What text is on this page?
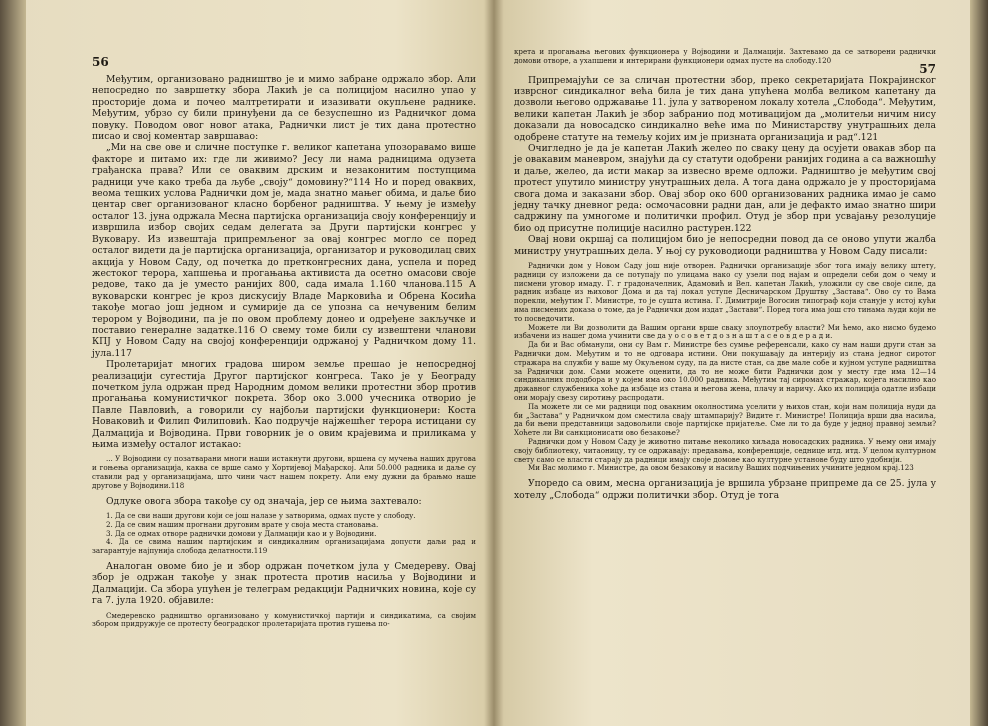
56

Међутим, организовано радништво је и мимо забране одржало збор. Али непосредно по завршетку збора Лакић је са полицијом насилно упао у просторије дома и почео малтретирати и изазивати окупљене раднике. Међутим, убрзо су били принуђени да се безуспешно из Радничког дома повуку. Поводом овог новог атака, Раднички лист је тих дана протестно писао и свој коментар завршавао:

„Ми на све ове и сличне поступке г. великог капетана упозоравамо више факторе и питамо их: где ли живимо? Јесу ли нама радницима одузета грађанска права? Или се оваквим дрским и незаконитим поступцима радници уче како треба да љубе „своју“ домовину?“114 Но и поред оваквих, веома тешких услова Раднички дом је, мада знатно мањег обима, и даље био центар свег организованог класно борбеног радништва. У њему је између осталог 13. јуна одржала Месна партијска организација своју конференцију и извршила избор својих седам делегата за Други партијски конгрес у Вуковару. Из извештаја припремљеног за овај конгрес могло се поред осталог видети да је партијска организација, организатор и руководилац свих акција у Новом Саду, од почетка до претконгресних дана, успела и поред жестоког терора, хапшења и прогањања активиста да осетно омасови своје редове, тако да је уместо ранијих 800, сада имала 1.160 чланова.115 А вуковарски конгрес је кроз дискусију Владе Марковића и Обрена Косића такође могао још једном и сумирије да се упозна са нечувеним белим терором у Војводини, па је по овом проблему донео и одређене закључке и поставио генералне задатке.116 О свему томе били су извештени чланови КПЈ у Новом Саду на својој конференцији одржаној у Радничком дому 11. јула.117

Пролетаријат многих градова широм земље прешао је непосредној реализацији сугестија Другог партијског конгреса. Тако је у Београду почетком јула одржан пред Народним домом велики протестни збор против прогањања комунистичког покрета. Збор око 3.000 учесника отворио је Павле Павловић, а говорили су најбољи партијски функционери: Коста Новаковић и Филип Филиповић. Као подручје најжешћег терора истицани су Далмација и Војводина. Први говорник је о овим крајевима и приликама у њима између осталог истакао:

... У Војводини су позатварани многи наши истакнути другови, вршена су мучења наших другова и гоњења организација, каква се врше само у Хортијевој Мађарској. Али 50.000 радника и даље су ставили рад у организацијама, што чини част нашем покрету. Али ему дужни да брањмо наше другове у Војводини.118

Одлуке овога збора такође су од значаја, јер се њима захтевало:

1. Да се сви наши другови који се још налазе у затворима, одмах пусте у слободу.

2. Да се свим нашим прогнани друговим врате у своја места становања.

3. Да се одмах отворе раднички домови у Далмацији као и у Војводини.

4. Да се свима нашим партијским и синдикалним организацијама допусти даљи рад и загарантује најпунија слобода делатности.119

Аналоган овоме био је и збор одржан почетком јула у Смедереву. Овај збор је одржан такође у знак протеста против насиља у Војводини и Далмацији. Са збора упућен је телеграм редакцији Радничких новина, које су га 7. јула 1920. објавиле:

Смедеревско радништво организовано у комунистичкој партији и синдикатима, са својим збором придружује се протесту београдског пролетаријата против гушења по-

57

крета и прогањања његових функционера у Војводини и Далмацији. Захтевамо да се затворени раднички домови отворе, а ухапшени и интерирани функционери одмах пусте на слободу.120

Припремајући се за сличан протестни збор, преко секретаријата Покрајинског изврсног синдикалног већа била је тих дана упућена молба великом капетану да дозволи његово одржавање 11. јула у затвореном локалу хотела „Слобода“. Међутим, велики капетан Лакић је збор забранио под мотивацијом да „молитељи ничим нису доказали да новосадско синдикално веће има по Министарству унутрашњих дела одобрене статуте на темељу којих им је призната организација и рад“.121

Очигледно је да је капетан Лакић желео по сваку цену да осујети овакав збор па је овакавим маневром, знајући да су статути одобрени ранијих година а са важношћу и даље, желео, да исти макар за извесно време одложи. Радништво је међутим свој протест упутило министру унутрашњих дела. А тога дана одржало је у просторијама свога дома и заказани збор. Овај збор око 600 организованих радника имао је само једну тачку дневног реда: осмочасовни радни дан, али је дефакто имао знатно шири садржину па умногоме и политички профил. Отуд је збор при усвајању резолуције био од присутне полиције насилно растурен.122

Овај нови окршај са полицијом био је непосредни повод да се оново упути жалба министру унутрашњих дела. У њој су руководиоци радништва у Новом Саду писали:

Раднички дом у Новом Саду још није отворен. Раднички организације због тога имају велику штету, радници су изложени да се потупају по улицама нако су узели под најам и определи себи дом о чему и писмени уговор имаду. Г. г градоначелник, Адамовић и Вел. капетан Лакић, уложили су све своје силе, да радник избаце из њиховог Дома и да тај локал уступе Десничарском Друштву „Застава“. Ово су то Вама порекли, међутим Г. Министре, то је сушта истина. Г. Димитрије Вогосин типограф који станује у истој кући има писмених доказа о томе, да је Раднички дом издат „Застави“. Поред тога има још сто тинама људи који не то посведочити.

Можете ли Ви дозволити да Вашим органи врше сваку злоупотребу власти? Ми ћемо, ако нисмо будемо избачени из нашег дома учинити све да у о с о в е т д о з н а ш т а с е о в д е р а д и.

Да би и Вас обманули, они су Вам г. Министре без сумње референсали, како су нам наши други стан за Раднички дом. Међутим и то не одговара истини. Они покушавају да интерију из стана једног сиротог стражара на служби у ваше му Окуљеном суду, па да нисте стан, са две мале собе и кујном уступе радништва за Раднички дом. Сами можете оценити, да то не може бити Раднички дом у месту где има 12—14 синдикалних пододбора и у којем има око 10.000 радника. Међутим тај сиромах стражар, којега насилно као државног службеника хоће да избаце из стана и његова жена, плачу и наричу. Ако их полиција одатле избаци они морају свезу сиротињу распродати.

Па можете ли се ми радници под овакним околностима уселити у њихов стан, који нам полиција нуди да би „Застава“ у Радничком дом сместила свају штампарију? Видите г. Министре! Полиција врши два насиља, да би њени представници задовољили своје партијске пријатеље. Сме ли то да буде у једној правној земљи? Хоћете ли Ви санкционисати ово безакоње?

Раднички дом у Новом Саду је животно питање неколико хиљада новосадских радника. У њему они имају своју библиотеку, читаоницу, ту се одржавају: предавања, конференције, седнице итд. итд. У целом културном свету само се власти старају да радници имају своје домове као културне установе буду што удобнији.

Ми Вас молимо г. Министре, да овом безакоњу и насиљу Ваших подчињених учините једном крај.123

Упоредо са овим, месна организација је вршила убрзане припреме да се 25. јула у хотелу „Слобода“ одржи политички збор. Отуд је тога
